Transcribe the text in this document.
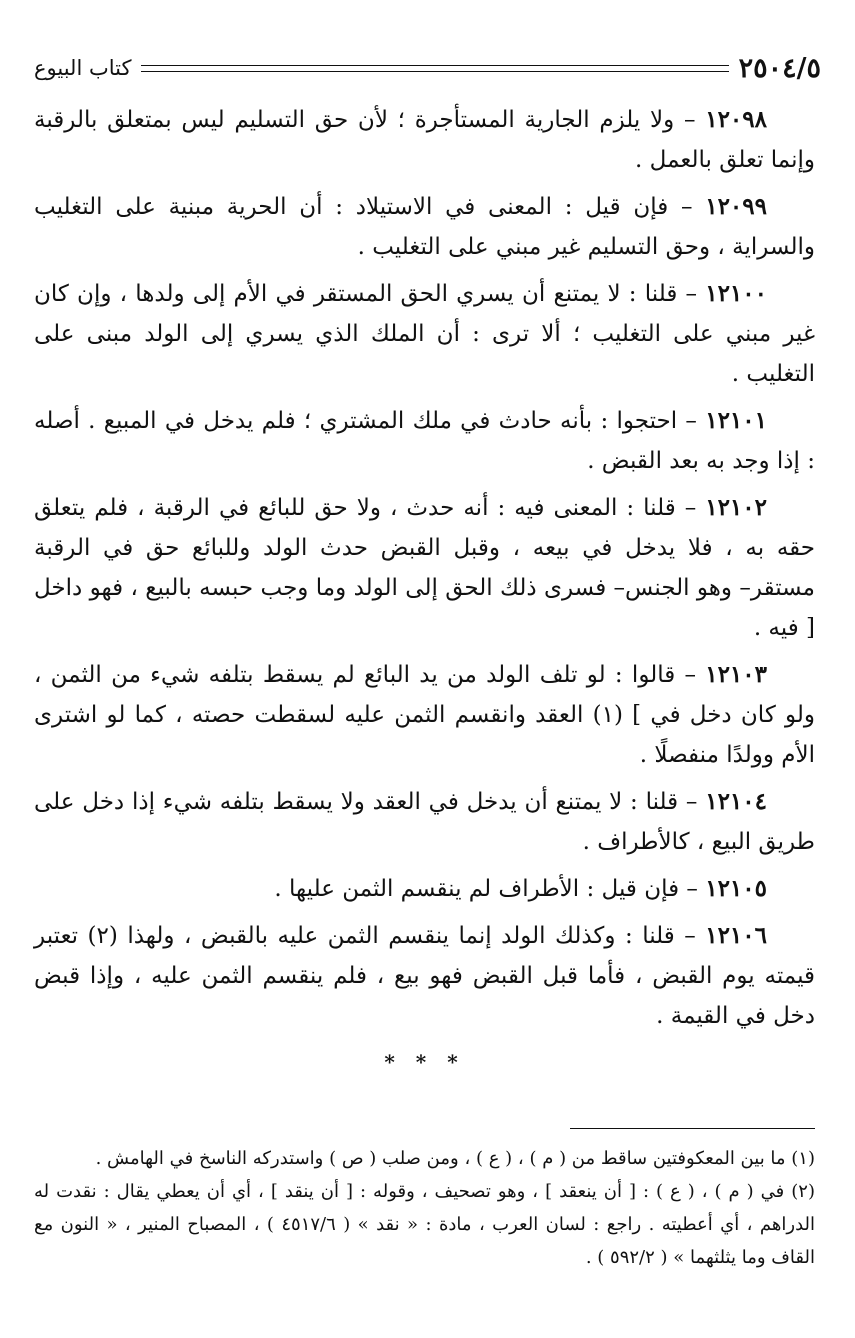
٢٥٠٤/٥
كتاب البيوع

١٢٠٩٨ – ولا يلزم الجارية المستأجرة ؛ لأن حق التسليم ليس بمتعلق بالرقبة وإنما تعلق بالعمل .

١٢٠٩٩ – فإن قيل : المعنى في الاستيلاد : أن الحرية مبنية على التغليب والسراية ، وحق التسليم غير مبني على التغليب .

١٢١٠٠ – قلنا : لا يمتنع أن يسري الحق المستقر في الأم إلى ولدها ، وإن كان غير مبني على التغليب ؛ ألا ترى : أن الملك الذي يسري إلى الولد مبنى على التغليب .

١٢١٠١ – احتجوا : بأنه حادث في ملك المشتري ؛ فلم يدخل في المبيع . أصله : إذا وجد به بعد القبض .

١٢١٠٢ – قلنا : المعنى فيه : أنه حدث ، ولا حق للبائع في الرقبة ، فلم يتعلق حقه به ، فلا يدخل في بيعه ، وقبل القبض حدث الولد وللبائع حق في الرقبة مستقر– وهو الجنس– فسرى ذلك الحق إلى الولد وما وجب حبسه بالبيع ، فهو داخل [ فيه .

١٢١٠٣ – قالوا : لو تلف الولد من يد البائع لم يسقط بتلفه شيء من الثمن ، ولو كان دخل في ] (١) العقد وانقسم الثمن عليه لسقطت حصته ، كما لو اشترى الأم وولدًا منفصلًا .

١٢١٠٤ – قلنا : لا يمتنع أن يدخل في العقد ولا يسقط بتلفه شيء إذا دخل على طريق البيع ، كالأطراف .

١٢١٠٥ – فإن قيل : الأطراف لم ينقسم الثمن عليها .

١٢١٠٦ – قلنا : وكذلك الولد إنما ينقسم الثمن عليه بالقبض ، ولهذا (٢) تعتبر قيمته يوم القبض ، فأما قبل القبض فهو بيع ، فلم ينقسم الثمن عليه ، وإذا قبض دخل في القيمة .

* * *

(١) ما بين المعكوفتين ساقط من ( م ) ، ( ع ) ، ومن صلب ( ص ) واستدركه الناسخ في الهامش .

(٢) في ( م ) ، ( ع ) : [ أن ينعقد ] ، وهو تصحيف ، وقوله : [ أن ينقد ] ، أي أن يعطي يقال : نقدت له الدراهم ، أي أعطيته . راجع : لسان العرب ، مادة : « نقد » ( ٤٥١٧/٦ ) ، المصباح المنير ، « النون مع القاف وما يثلثهما » ( ٥٩٢/٢ ) .
